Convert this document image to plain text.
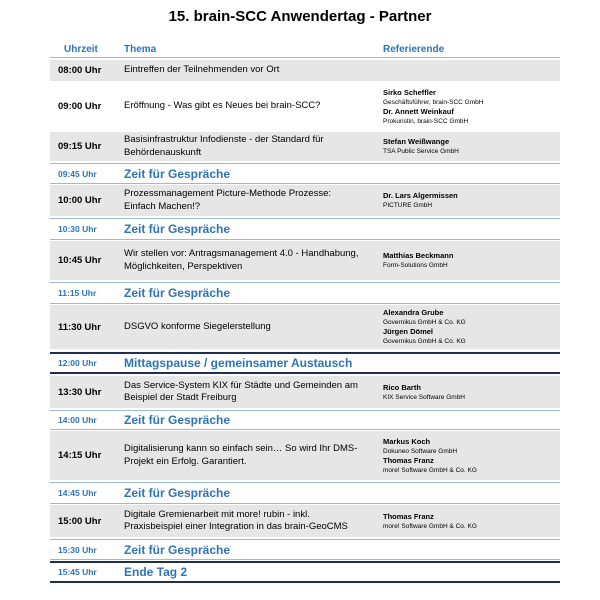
15. brain-SCC Anwendertag - Partner
Uhrzeit	Thema	Referierende
08:00 Uhr Eintreffen der Teilnehmenden vor Ort
09:00 Uhr Eröffnung - Was gibt es Neues bei brain-SCC?
Sirko Scheffler
Geschäftsführer, brain-SCC GmbH
Dr. Annett Weinkauf
Prokuristin, brain-SCC GmbH
09:15 Uhr
Basisinfrastruktur Infodienste - der Standard für Behördenauskunft
Stefan Weißwange
TSA Public Service GmbH
09:45 Uhr Zeit für Gespräche
10:00 Uhr
Prozessmanagement Picture-Methode Prozesse: Einfach Machen!?
Dr. Lars Algermissen
PICTURE GmbH
10:30 Uhr Zeit für Gespräche
10:45 Uhr
Wir stellen vor: Antragsmanagement 4.0 - Handhabung, Möglichkeiten, Perspektiven
Matthias Beckmann
Form-Solutions GmbH
11:15 Uhr Zeit für Gespräche
11:30 Uhr DSGVO konforme Siegelerstellung
Alexandra Grube
Governikus GmbH & Co. KG
Jürgen Dömel
Governikus GmbH & Co. KG
12:00 Uhr Mittagspause / gemeinsamer Austausch
13:30 Uhr
Das Service-System KIX für Städte und Gemeinden am Beispiel der Stadt Freiburg
Rico Barth
KIX Service Software GmbH
14:00 Uhr Zeit für Gespräche
14:15 Uhr
Digitalisierung kann so einfach sein… So wird Ihr DMS-Projekt ein Erfolg. Garantiert.
Markus Koch
Dokuneo Software GmbH
Thomas Franz
more! Software GmbH & Co. KG
14:45 Uhr Zeit für Gespräche
15:00 Uhr
Digitale Gremienarbeit mit more! rubin - inkl. Praxisbeispiel einer Integration in das brain-GeoCMS
Thomas Franz
more! Software GmbH & Co. KG
15:30 Uhr Zeit für Gespräche
15:45 Uhr Ende Tag 2
